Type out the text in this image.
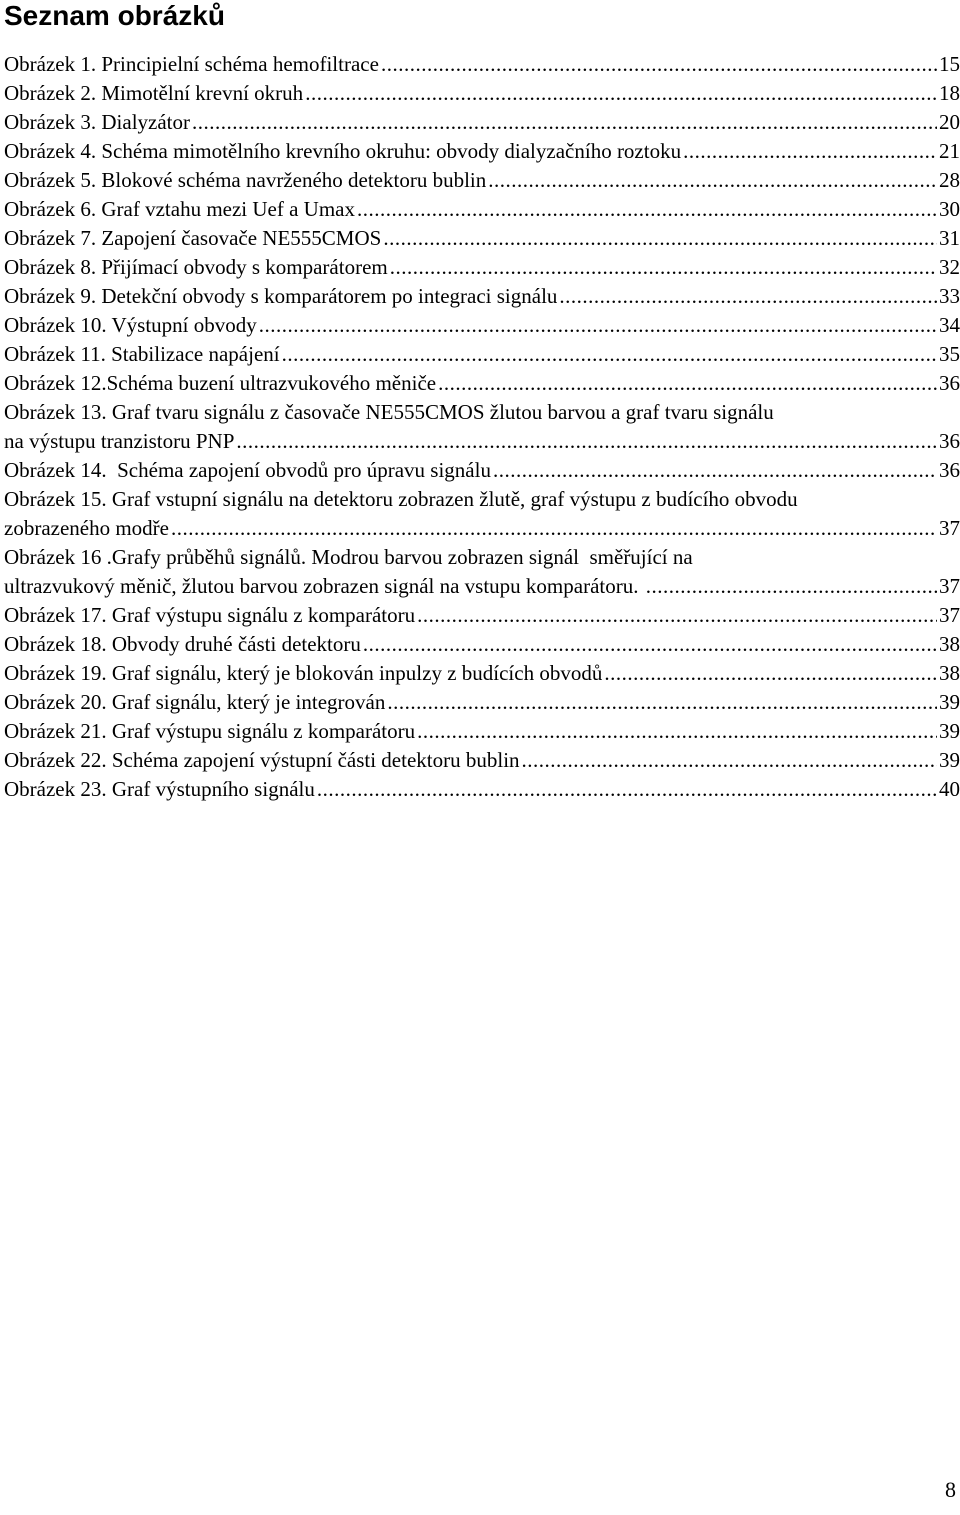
Seznam obrázků
Obrázek 1. Principielní schéma hemofiltrace .....	15
Obrázek 2. Mimotělní krevní okruh .....	18
Obrázek 3. Dialyzátor .....	20
Obrázek 4. Schéma mimotělního krevního okruhu: obvody dialyzačního roztoku .....	21
Obrázek 5. Blokové schéma navrženého detektoru bublin .....	28
Obrázek 6. Graf vztahu mezi Uef a Umax .....	30
Obrázek 7. Zapojení časovače NE555CMOS .....	31
Obrázek 8. Přijímací obvody s komparátorem .....	32
Obrázek 9. Detekční obvody s komparátorem po integraci signálu .....	33
Obrázek 10. Výstupní obvody .....	34
Obrázek 11. Stabilizace napájení .....	35
Obrázek 12.Schéma buzení ultrazvukového měniče .....	36
Obrázek 13. Graf tvaru signálu z časovače NE555CMOS žlutou barvou a graf tvaru signálu
na výstupu tranzistoru PNP .....	36
Obrázek 14.  Schéma zapojení obvodů pro úpravu signálu .....	36
Obrázek 15. Graf vstupní signálu na detektoru zobrazen žlutě, graf výstupu z budícího obvodu
zobrazeného modře .....	37
Obrázek 16 .Grafy průběhů signálů. Modrou barvou zobrazen signál  směřující na
ultrazvukový měnič, žlutou barvou zobrazen signál na vstupu komparátoru. .....	37
Obrázek 17. Graf výstupu signálu z komparátoru .....	37
Obrázek 18. Obvody druhé části detektoru .....	38
Obrázek 19. Graf signálu, který je blokován inpulzy z budících obvodů .....	38
Obrázek 20. Graf signálu, který je integrován .....	39
Obrázek 21. Graf výstupu signálu z komparátoru .....	39
Obrázek 22. Schéma zapojení výstupní části detektoru bublin .....	39
Obrázek 23. Graf výstupního signálu .....	40
8
